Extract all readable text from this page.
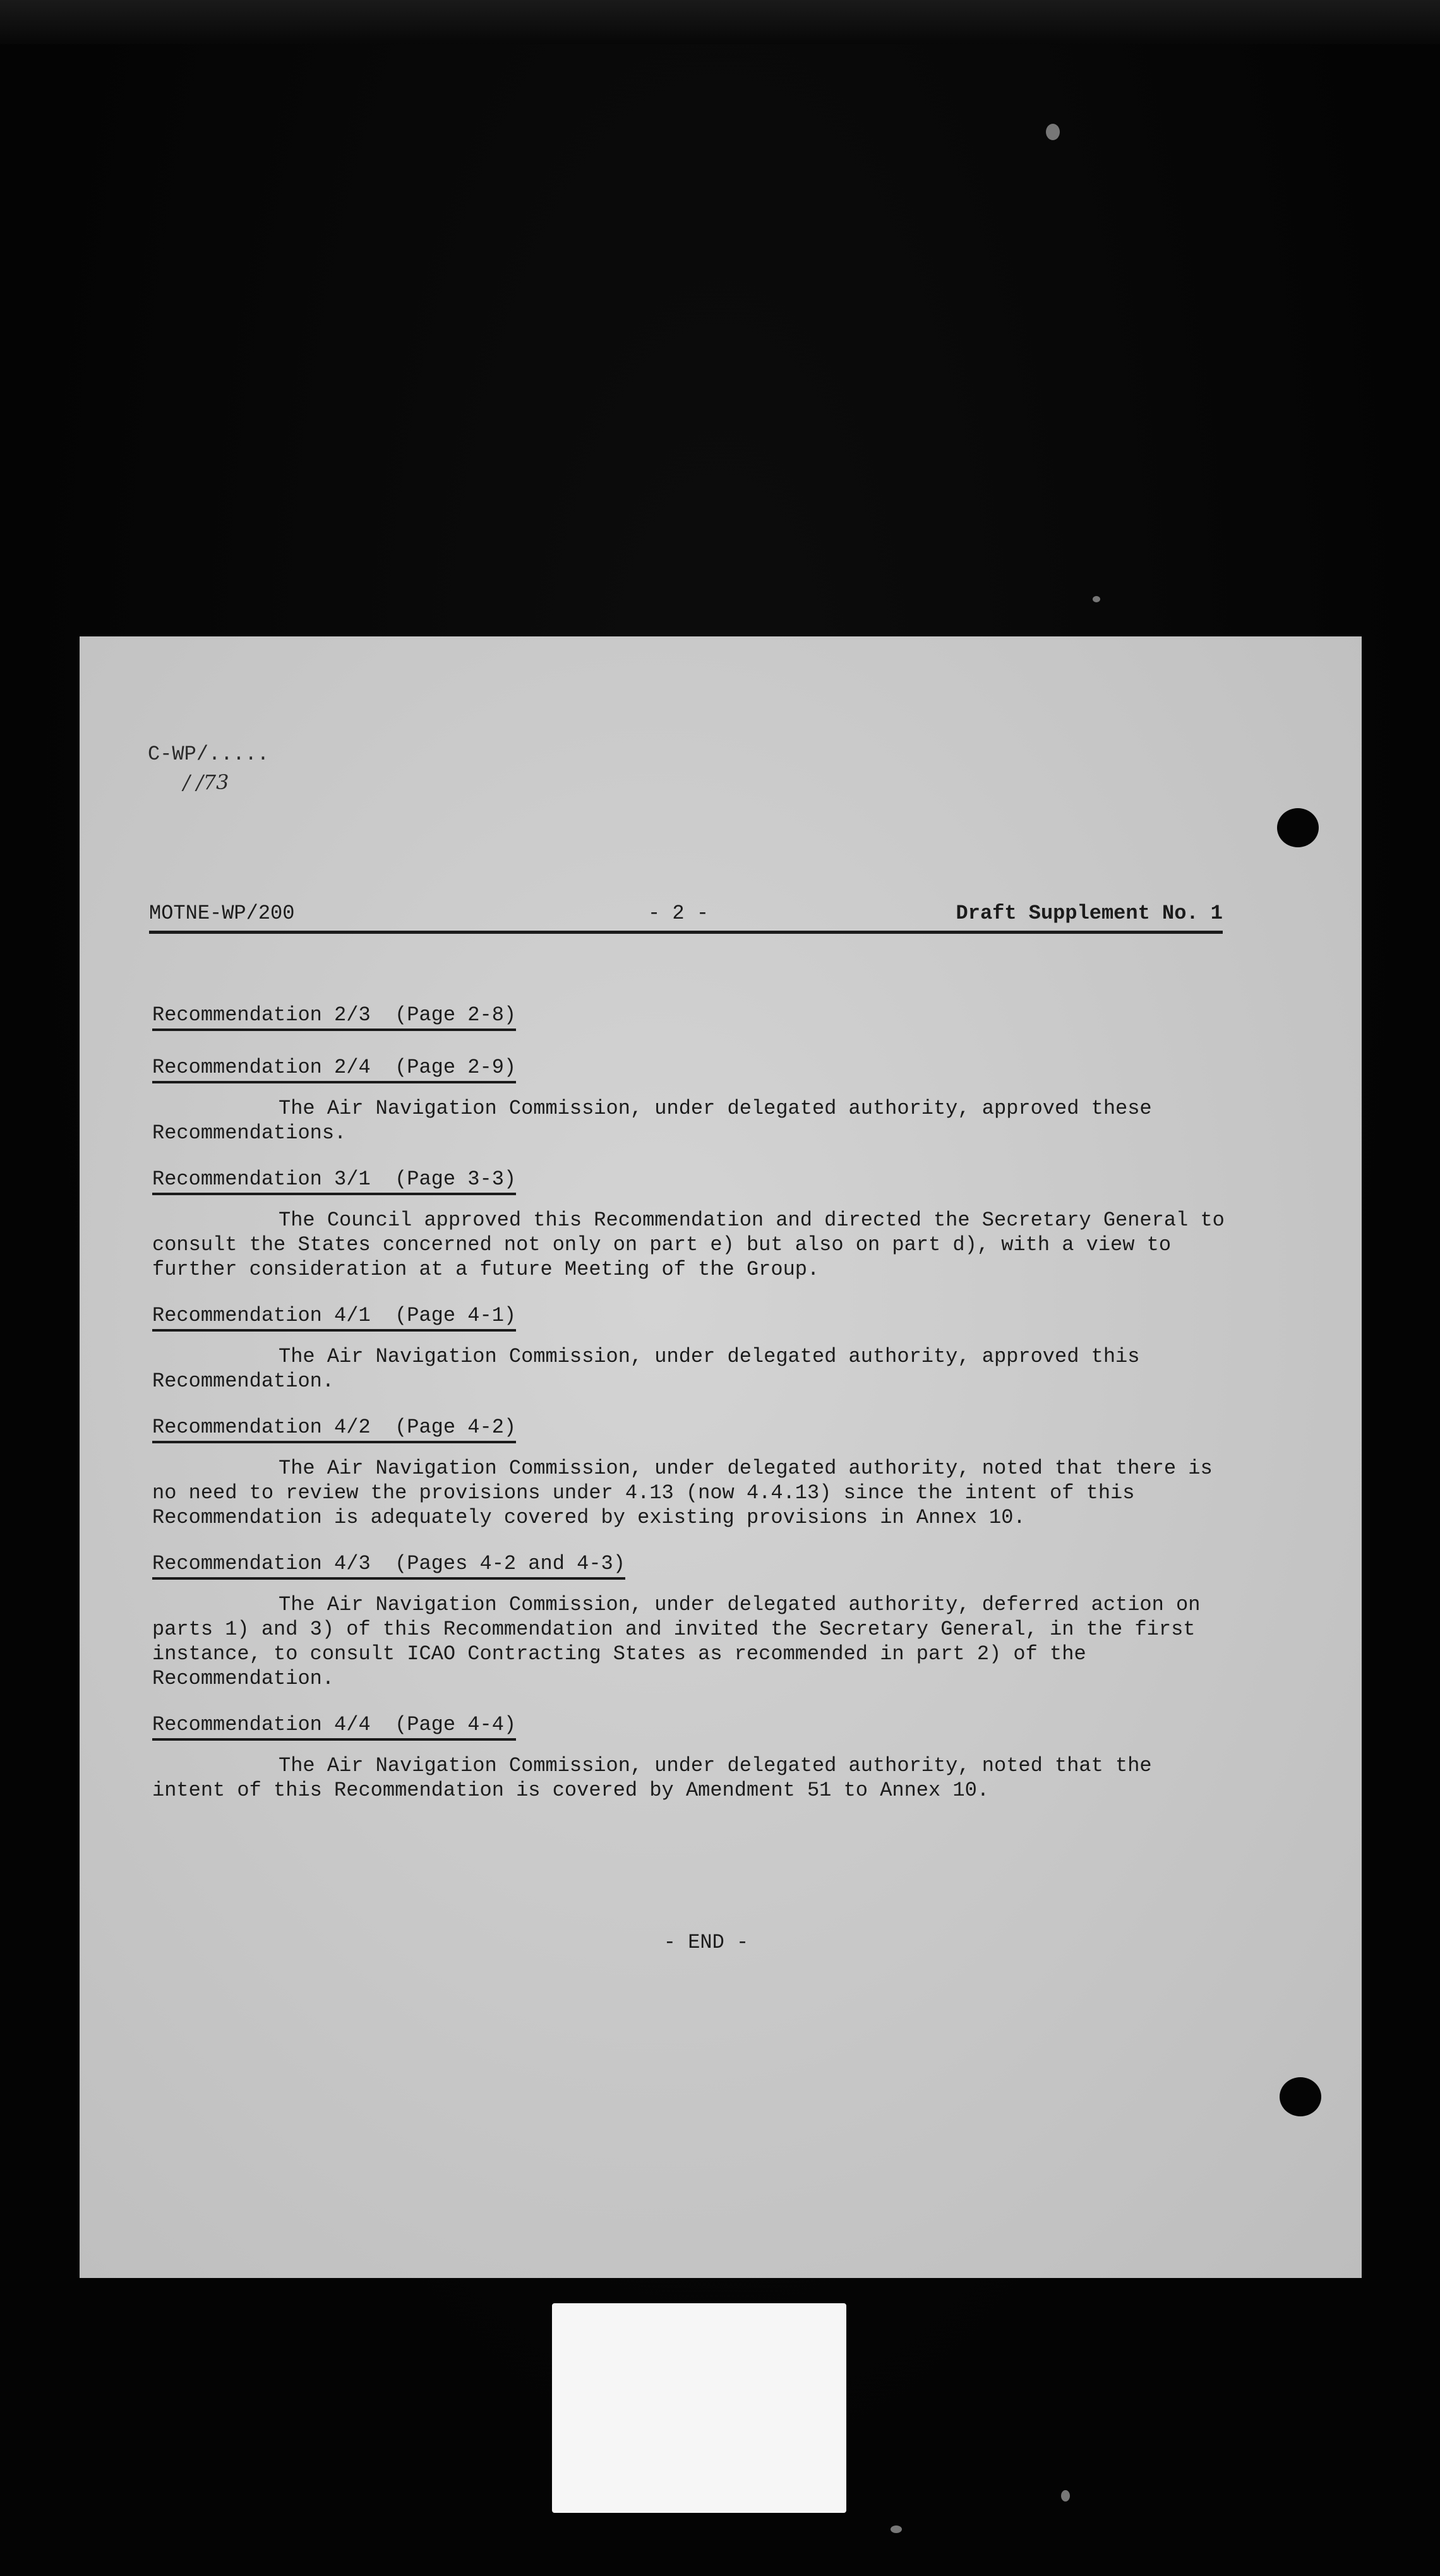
C-WP/.....
/ /73
MOTNE-WP/200	- 2 -	Draft Supplement No. 1
Recommendation 2/3  (Page 2-8)
Recommendation 2/4  (Page 2-9)

The Air Navigation Commission, under delegated authority, approved these Recommendations.

Recommendation 3/1  (Page 3-3)

The Council approved this Recommendation and directed the Secretary General to consult the States concerned not only on part e) but also on part d), with a view to further consideration at a future Meeting of the Group.

Recommendation 4/1  (Page 4-1)

The Air Navigation Commission, under delegated authority, approved this Recommendation.

Recommendation 4/2  (Page 4-2)

The Air Navigation Commission, under delegated authority, noted that there is no need to review the provisions under 4.13 (now 4.4.13) since the intent of this Recommendation is adequately covered by existing provisions in Annex 10.

Recommendation 4/3  (Pages 4-2 and 4-3)

The Air Navigation Commission, under delegated authority, deferred action on parts 1) and 3) of this Recommendation and invited the Secretary General, in the first instance, to consult ICAO Contracting States as recommended in part 2) of the Recommendation.

Recommendation 4/4  (Page 4-4)

The Air Navigation Commission, under delegated authority, noted that the intent of this Recommendation is covered by Amendment 51 to Annex 10.

- END -
